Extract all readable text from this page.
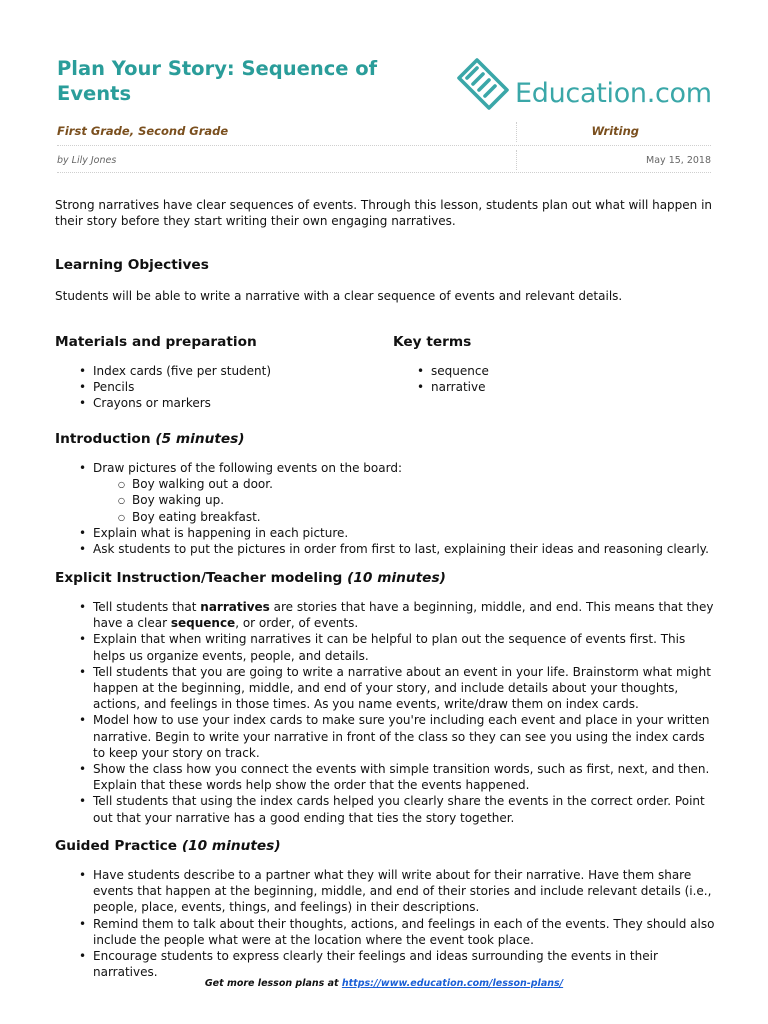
Plan Your Story: Sequence of Events	Education.com
First Grade, Second Grade	Writing
by Lily Jones	May 15, 2018

Strong narratives have clear sequences of events. Through this lesson, students plan out what will happen in their story before they start writing their own engaging narratives.

Learning Objectives

Students will be able to write a narrative with a clear sequence of events and relevant details.

Materials and preparation
• Index cards (five per student)
• Pencils
• Crayons or markers
Key terms
• sequence
• narrative
Introduction (5 minutes)
• Draw pictures of the following events on the board:
○ Boy walking out a door.
○ Boy waking up.
○ Boy eating breakfast.
• Explain what is happening in each picture.
• Ask students to put the pictures in order from first to last, explaining their ideas and reasoning clearly.
Explicit Instruction/Teacher modeling (10 minutes)
• Tell students that narratives are stories that have a beginning, middle, and end. This means that they have a clear sequence, or order, of events.
• Explain that when writing narratives it can be helpful to plan out the sequence of events first. This helps us organize events, people, and details.
• Tell students that you are going to write a narrative about an event in your life. Brainstorm what might happen at the beginning, middle, and end of your story, and include details about your thoughts, actions, and feelings in those times. As you name events, write/draw them on index cards.
• Model how to use your index cards to make sure you're including each event and place in your written narrative. Begin to write your narrative in front of the class so they can see you using the index cards to keep your story on track.
• Show the class how you connect the events with simple transition words, such as first, next, and then. Explain that these words help show the order that the events happened.
• Tell students that using the index cards helped you clearly share the events in the correct order. Point out that your narrative has a good ending that ties the story together.
Guided Practice (10 minutes)
• Have students describe to a partner what they will write about for their narrative. Have them share events that happen at the beginning, middle, and end of their stories and include relevant details (i.e., people, place, events, things, and feelings) in their descriptions.
• Remind them to talk about their thoughts, actions, and feelings in each of the events. They should also include the people what were at the location where the event took place.
• Encourage students to express clearly their feelings and ideas surrounding the events in their narratives.
Get more lesson plans at https://www.education.com/lesson-plans/
